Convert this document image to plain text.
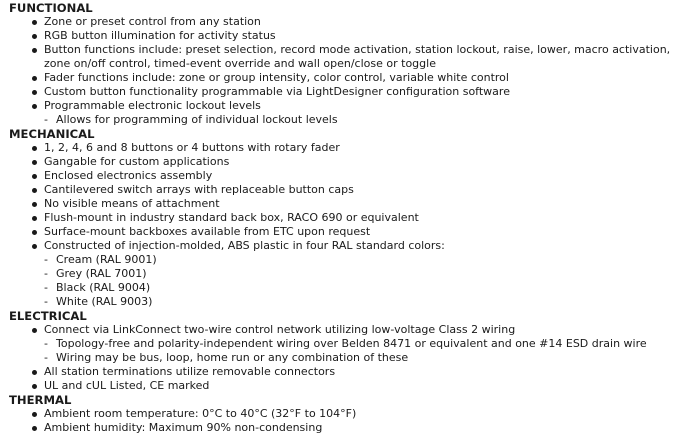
FUNCTIONAL
Zone or preset control from any station
RGB button illumination for activity status
Button functions include: preset selection, record mode activation, station lockout, raise, lower, macro activation, zone on/off control, timed-event override and wall open/close or toggle
Fader functions include: zone or group intensity, color control, variable white control
Custom button functionality programmable via LightDesigner configuration software
Programmable electronic lockout levels
- Allows for programming of individual lockout levels
MECHANICAL
1, 2, 4, 6 and 8 buttons or 4 buttons with rotary fader
Gangable for custom applications
Enclosed electronics assembly
Cantilevered switch arrays with replaceable button caps
No visible means of attachment
Flush-mount in industry standard back box, RACO 690 or equivalent
Surface-mount backboxes available from ETC upon request
Constructed of injection-molded, ABS plastic in four RAL standard colors:
- Cream (RAL 9001)
- Grey (RAL 7001)
- Black (RAL 9004)
- White (RAL 9003)
ELECTRICAL
Connect via LinkConnect two-wire control network utilizing low-voltage Class 2 wiring
- Topology-free and polarity-independent wiring over Belden 8471 or equivalent and one #14 ESD drain wire
- Wiring may be bus, loop, home run or any combination of these
All station terminations utilize removable connectors
UL and cUL Listed, CE marked
THERMAL
Ambient room temperature: 0°C to 40°C (32°F to 104°F)
Ambient humidity: Maximum 90% non-condensing
